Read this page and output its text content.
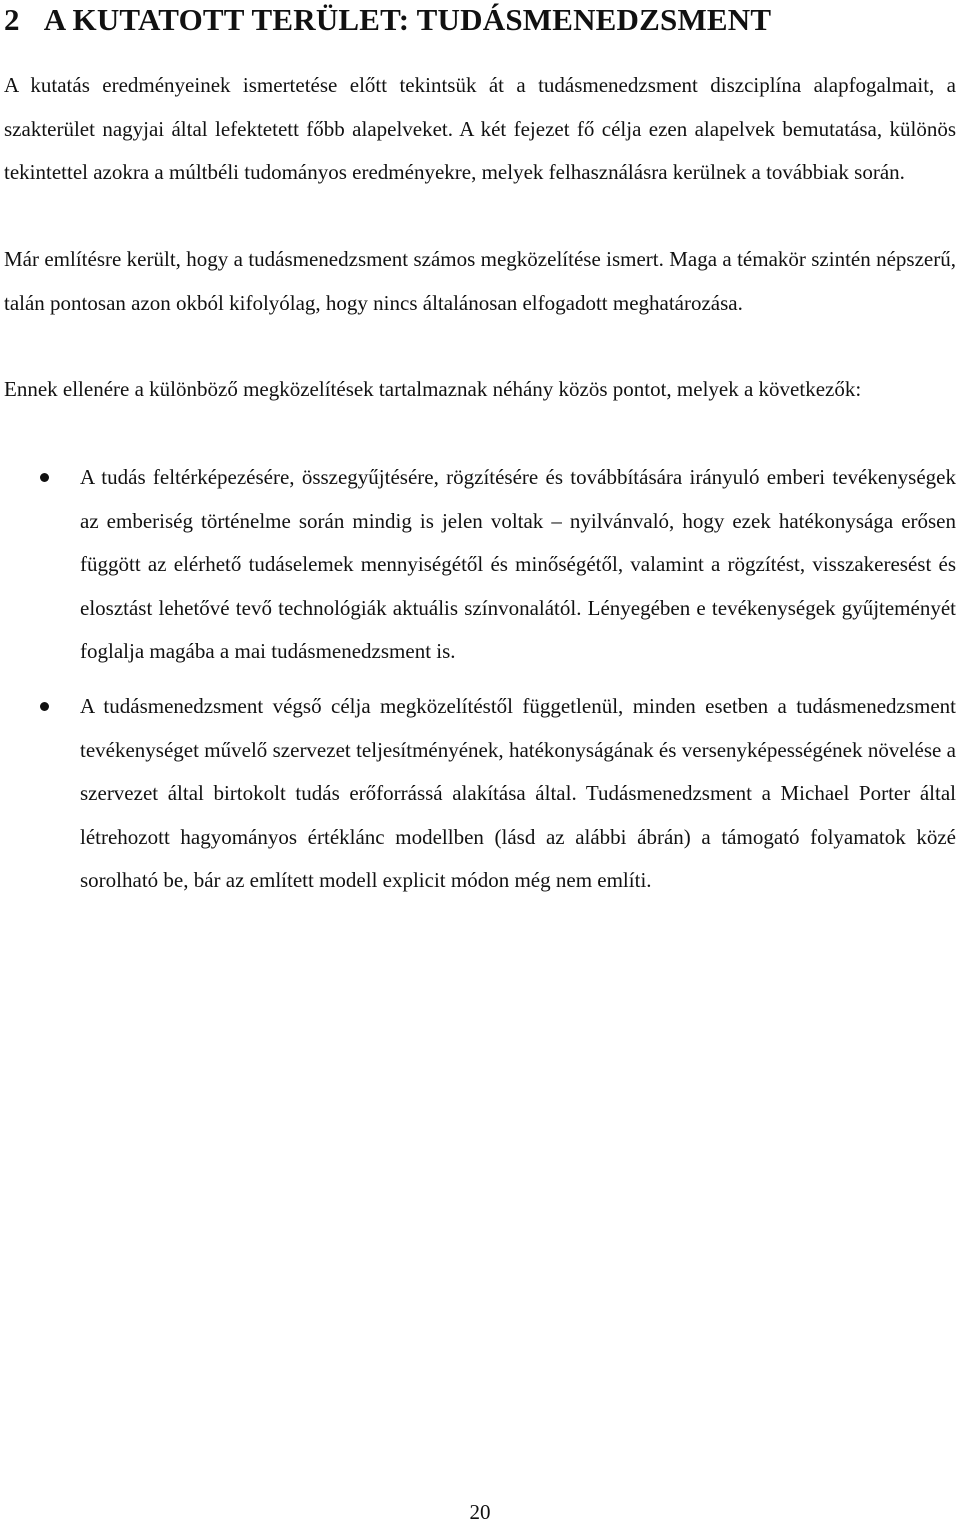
2 A KUTATOTT TERÜLET: TUDÁSMENEDZSMENT

A kutatás eredményeinek ismertetése előtt tekintsük át a tudásmenedzsment diszciplína alapfogalmait, a szakterület nagyjai által lefektetett főbb alapelveket. A két fejezet fő célja ezen alapelvek bemutatása, különös tekintettel azokra a múltbéli tudományos eredményekre, melyek felhasználásra kerülnek a továbbiak során.

Már említésre került, hogy a tudásmenedzsment számos megközelítése ismert. Maga a témakör szintén népszerű, talán pontosan azon okból kifolyólag, hogy nincs általánosan elfogadott meghatározása.

Ennek ellenére a különböző megközelítések tartalmaznak néhány közös pontot, melyek a következők:

A tudás feltérképezésére, összegyűjtésére, rögzítésére és továbbítására irányuló emberi tevékenységek az emberiség történelme során mindig is jelen voltak – nyilvánvaló, hogy ezek hatékonysága erősen függött az elérhető tudáselemek mennyiségétől és minőségétől, valamint a rögzítést, visszakeresést és elosztást lehetővé tevő technológiák aktuális színvonalától. Lényegében e tevékenységek gyűjteményét foglalja magába a mai tudásmenedzsment is.
A tudásmenedzsment végső célja megközelítéstől függetlenül, minden esetben a tudásmenedzsment tevékenységet művelő szervezet teljesítményének, hatékonyságának és versenyképességének növelése a szervezet által birtokolt tudás erőforrássá alakítása által. Tudásmenedzsment a Michael Porter által létrehozott hagyományos értéklánc modellben (lásd az alábbi ábrán) a támogató folyamatok közé sorolható be, bár az említett modell explicit módon még nem említi.

20
